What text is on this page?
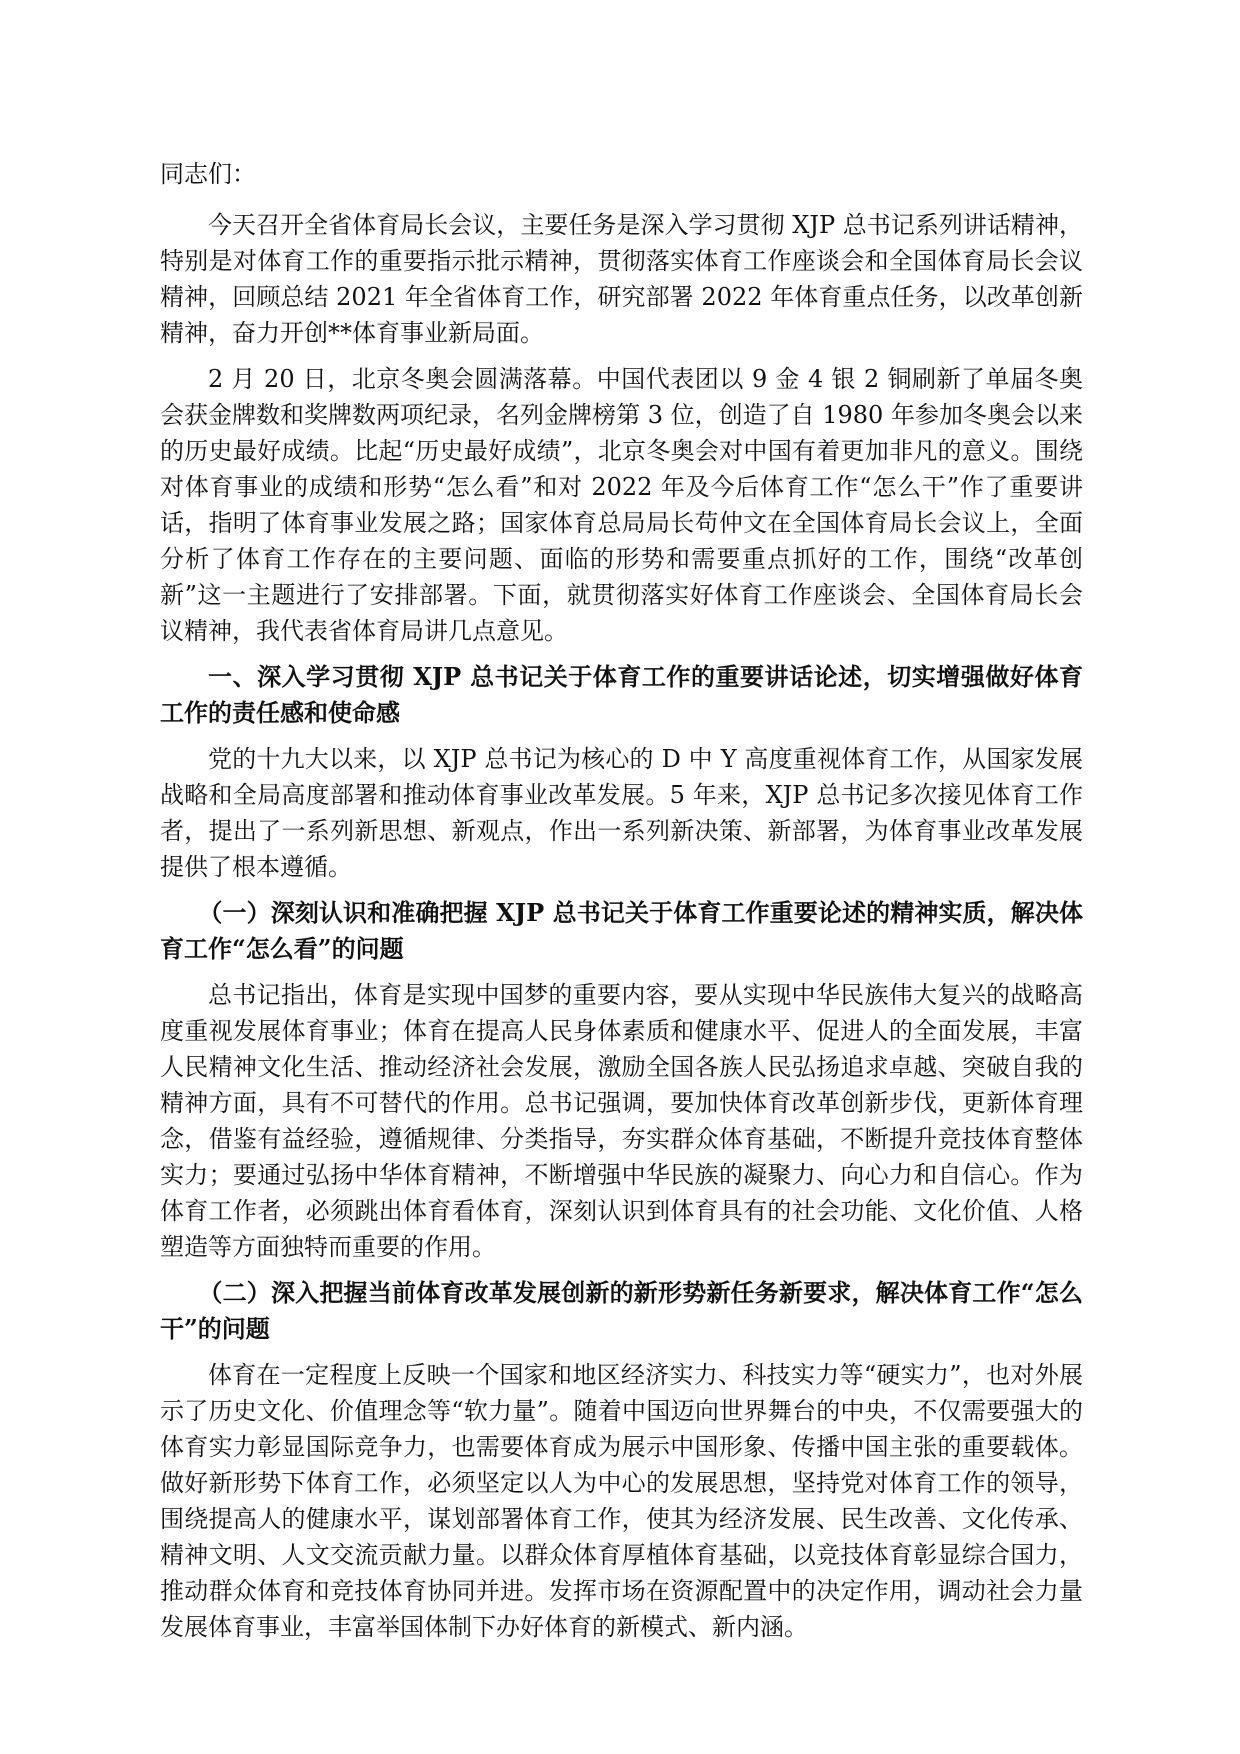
同志们：

今天召开全省体育局长会议，主要任务是深入学习贯彻 XJP 总书记系列讲话精神，特别是对体育工作的重要指示批示精神，贯彻落实体育工作座谈会和全国体育局长会议精神，回顾总结 2021 年全省体育工作，研究部署 2022 年体育重点任务，以改革创新精神，奋力开创**体育事业新局面。

2 月 20 日，北京冬奥会圆满落幕。中国代表团以 9 金 4 银 2 铜刷新了单届冬奥会获金牌数和奖牌数两项纪录，名列金牌榜第 3 位，创造了自 1980 年参加冬奥会以来的历史最好成绩。比起“历史最好成绩”，北京冬奥会对中国有着更加非凡的意义。围绕对体育事业的成绩和形势“怎么看”和对 2022 年及今后体育工作“怎么干”作了重要讲话，指明了体育事业发展之路；国家体育总局局长苟仲文在全国体育局长会议上，全面分析了体育工作存在的主要问题、面临的形势和需要重点抓好的工作，围绕“改革创新”这一主题进行了安排部署。下面，就贯彻落实好体育工作座谈会、全国体育局长会议精神，我代表省体育局讲几点意见。

一、深入学习贯彻 XJP 总书记关于体育工作的重要讲话论述，切实增强做好体育工作的责任感和使命感

党的十九大以来，以 XJP 总书记为核心的 D 中 Y 高度重视体育工作，从国家发展战略和全局高度部署和推动体育事业改革发展。5 年来，XJP 总书记多次接见体育工作者，提出了一系列新思想、新观点，作出一系列新决策、新部署，为体育事业改革发展提供了根本遵循。

（一）深刻认识和准确把握 XJP 总书记关于体育工作重要论述的精神实质，解决体育工作“怎么看”的问题

总书记指出，体育是实现中国梦的重要内容，要从实现中华民族伟大复兴的战略高度重视发展体育事业；体育在提高人民身体素质和健康水平、促进人的全面发展，丰富人民精神文化生活、推动经济社会发展，激励全国各族人民弘扬追求卓越、突破自我的精神方面，具有不可替代的作用。总书记强调，要加快体育改革创新步伐，更新体育理念，借鉴有益经验，遵循规律、分类指导，夯实群众体育基础，不断提升竞技体育整体实力；要通过弘扬中华体育精神，不断增强中华民族的凝聚力、向心力和自信心。作为体育工作者，必须跳出体育看体育，深刻认识到体育具有的社会功能、文化价值、人格塑造等方面独特而重要的作用。

（二）深入把握当前体育改革发展创新的新形势新任务新要求，解决体育工作“怎么干”的问题

体育在一定程度上反映一个国家和地区经济实力、科技实力等“硬实力”，也对外展示了历史文化、价值理念等“软力量”。随着中国迈向世界舞台的中央，不仅需要强大的体育实力彰显国际竞争力，也需要体育成为展示中国形象、传播中国主张的重要载体。做好新形势下体育工作，必须坚定以人为中心的发展思想，坚持党对体育工作的领导，围绕提高人的健康水平，谋划部署体育工作，使其为经济发展、民生改善、文化传承、精神文明、人文交流贡献力量。以群众体育厚植体育基础，以竞技体育彰显综合国力，推动群众体育和竞技体育协同并进。发挥市场在资源配置中的决定作用，调动社会力量发展体育事业，丰富举国体制下办好体育的新模式、新内涵。
